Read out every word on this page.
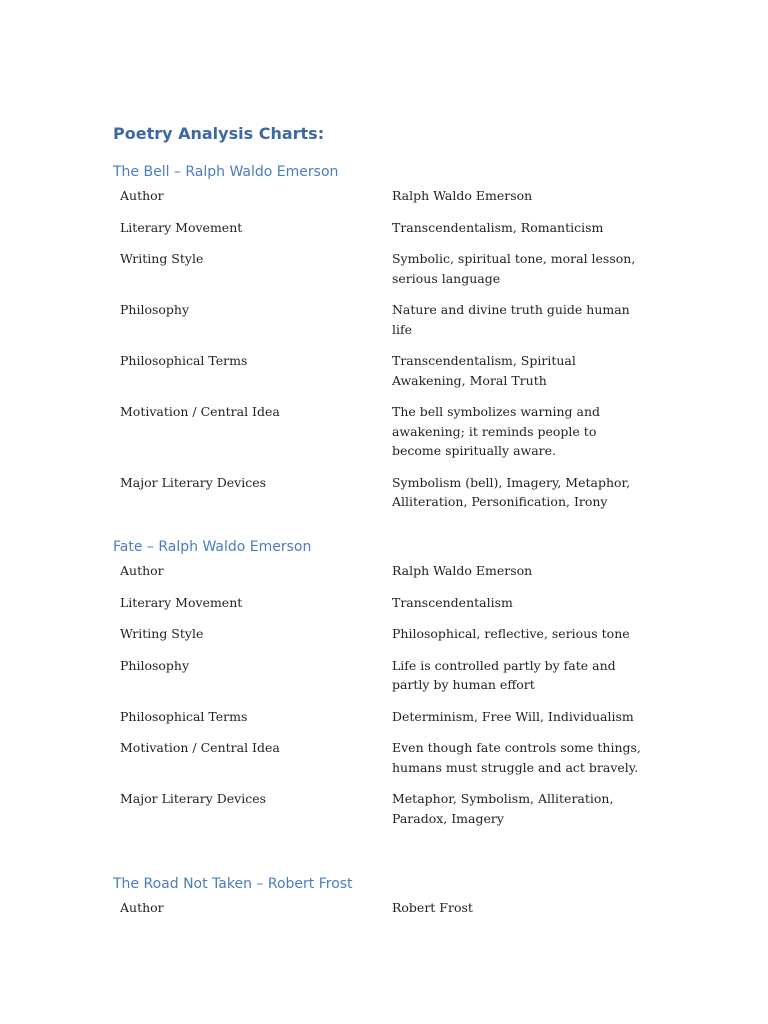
Poetry Analysis Charts:
The Bell – Ralph Waldo Emerson
Author	Ralph Waldo Emerson
Literary Movement	Transcendentalism, Romanticism
Writing Style	Symbolic, spiritual tone, moral lesson, serious language
Philosophy	Nature and divine truth guide human life
Philosophical Terms	Transcendentalism, Spiritual Awakening, Moral Truth
Motivation / Central Idea	The bell symbolizes warning and awakening; it reminds people to become spiritually aware.
Major Literary Devices	Symbolism (bell), Imagery, Metaphor, Alliteration, Personification, Irony
Fate – Ralph Waldo Emerson
Author	Ralph Waldo Emerson
Literary Movement	Transcendentalism
Writing Style	Philosophical, reflective, serious tone
Philosophy	Life is controlled partly by fate and partly by human effort
Philosophical Terms	Determinism, Free Will, Individualism
Motivation / Central Idea	Even though fate controls some things, humans must struggle and act bravely.
Major Literary Devices	Metaphor, Symbolism, Alliteration, Paradox, Imagery
The Road Not Taken – Robert Frost
Author	Robert Frost
